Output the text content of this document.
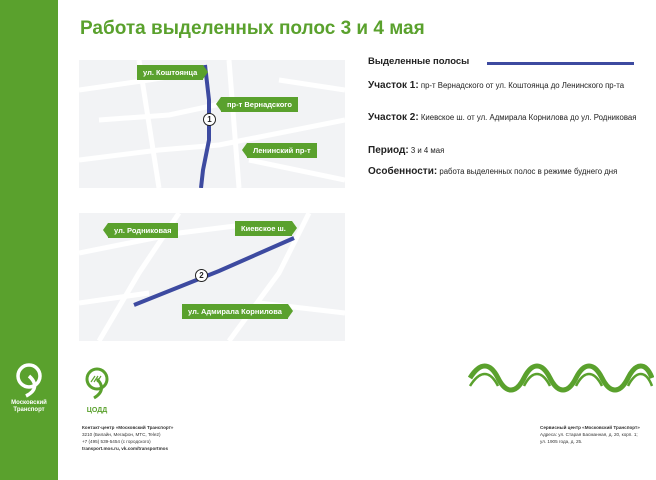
Московский Транспорт
Работа выделенных полос 3 и 4 мая
ул. Коштоянца
пр-т Вернадского
Ленинский пр-т
1
ул. Родниковая	Киевское ш.
ул. Адмирала Корнилова
2
Выделенные полосы
Участок 1: пр-т Вернадского от ул. Коштоянца до Ленинского пр-та
Участок 2: Киевское ш. от ул. Адмирала Корнилова до ул. Родниковая
Период: 3 и 4 мая
Особенности: работа выделенных полос в режиме буднего дня
ЦОДД
Контакт-центр «Московский Транспорт»
3210 (Билайн, Мегафон, МТС, Tele2)
+7 (495) 539-5454 (с городского)
transport.mos.ru, vk.com/transportmos
Сервисный центр «Московский Транспорт»
Адреса: ул. Старая Басманная, д. 20, корп. 1;
ул. 1905 года, д. 25.
